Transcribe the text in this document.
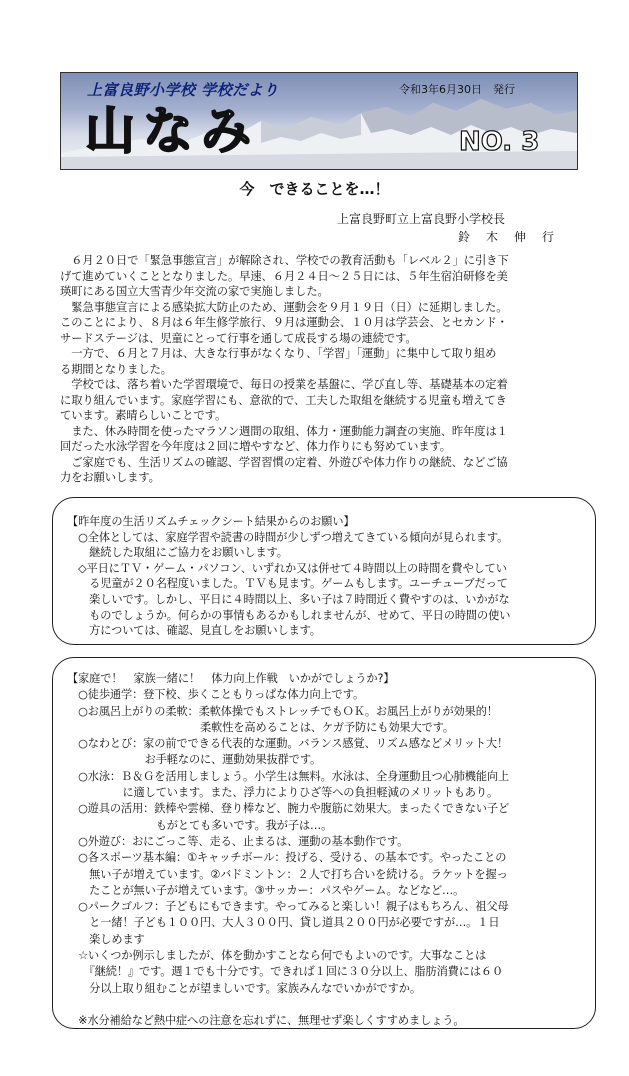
上富良野小学校 学校だより	令和3年6月30日　発行
山なみ	NO. 3
今　できることを…！
上富良野町立上富良野小学校長
鈴　木　伸　行
　６月２０日で「緊急事態宣言」が解除され、学校での教育活動も「レベル２」に引き下
げて進めていくこととなりました。早速、６月２４日～２５日には、５年生宿泊研修を美
瑛町にある国立大雪青少年交流の家で実施しました。
　緊急事態宣言による感染拡大防止のため、運動会を９月１９日（日）に延期しました。
このことにより、８月は６年生修学旅行、９月は運動会、１０月は学芸会、とセカンド・
サードステージは、児童にとって行事を通して成長する場の連続です。
　一方で、６月と７月は、大きな行事がなくなり、「学習」「運動」に集中して取り組め
る期間となりました。
　学校では、落ち着いた学習環境で、毎日の授業を基盤に、学び直し等、基礎基本の定着
に取り組んでいます。家庭学習にも、意欲的で、工夫した取組を継続する児童も増えてき
ています。素晴らしいことです。
　また、休み時間を使ったマラソン週間の取組、体力・運動能力調査の実施、昨年度は１
回だった水泳学習を今年度は２回に増やすなど、体力作りにも努めています。
　ご家庭でも、生活リズムの確認、学習習慣の定着、外遊びや体力作りの継続、などご協
力をお願いします。
【昨年度の生活リズムチェックシート結果からのお願い】
　○全体としては、家庭学習や読書の時間が少しずつ増えてきている傾向が見られます。
　　継続した取組にご協力をお願いします。
　◇平日にＴＶ・ゲーム・パソコン、いずれか又は併せて４時間以上の時間を費やしてい
　　る児童が２０名程度いました。ＴＶも見ます。ゲームもします。ユーチューブだって
　　楽しいです。しかし、平日に４時間以上、多い子は７時間近く費やすのは、いかがな
　　ものでしょうか。何らかの事情もあるかもしれませんが、せめて、平日の時間の使い
　　方については、確認、見直しをお願いします。
【家庭で！　家族一緒に！　体力向上作戦　いかがでしょうか?】
　○徒歩通学：登下校、歩くこともりっぱな体力向上です。
　○お風呂上がりの柔軟：柔軟体操でもストレッチでもＯＫ。お風呂上がりが効果的！
　　　　　　　　　　　　柔軟性を高めることは、ケガ予防にも効果大です。
　○なわとび：家の前でできる代表的な運動。バランス感覚、リズム感などメリット大！
　　　　　　　お手軽なのに、運動効果抜群です。
　○水泳：Ｂ＆Ｇを活用しましょう。小学生は無料。水泳は、全身運動且つ心肺機能向上
　　　　　に適しています。また、浮力によりひざ等への負担軽減のメリットもあり。
　○遊具の活用：鉄棒や雲梯、登り棒など、腕力や腹筋に効果大。まったくできない子ど
　　　　　　　　もがとても多いです。我が子は…。
　○外遊び：おにごっこ等、走る、止まるは、運動の基本動作です。
　○各スポーツ基本編：①キャッチボール：投げる、受ける、の基本です。やったことの
　　無い子が増えています。②バドミントン：２人で打ち合いを続ける。ラケットを握っ
　　たことが無い子が増えています。③サッカー：パスやゲーム。などなど…。
　○パークゴルフ：子どもにもできます。やってみると楽しい！親子はもちろん、祖父母
　　と一緒！子ども１００円、大人３００円、貸し道具２００円が必要ですが…。１日
　　楽しめます
　☆いくつか例示しましたが、体を動かすことなら何でもよいのです。大事なことは
　　『継続！』です。週１でも十分です。できれば１回に３０分以上、脂肪消費には６０
　　分以上取り組むことが望ましいです。家族みんなでいかがですか。
　※水分補給など熱中症への注意を忘れずに、無理せず楽しくすすめましょう。
